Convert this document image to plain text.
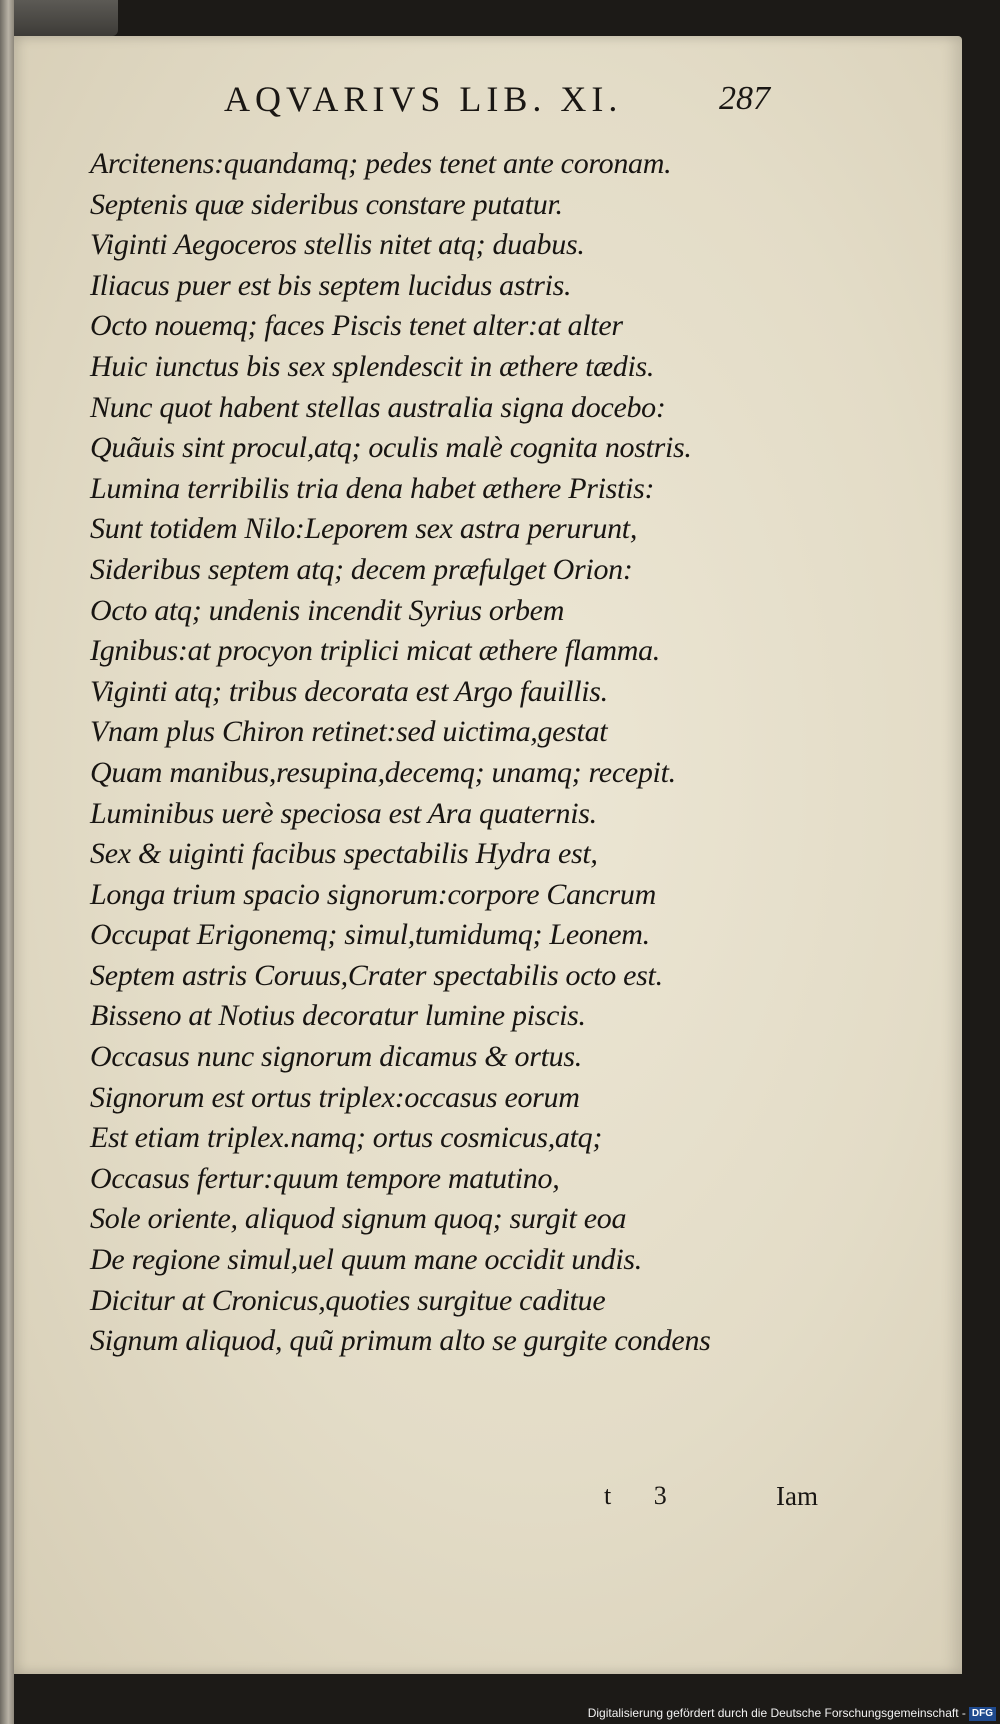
AQVARIVS LIB. XI.	287
Arcitenens:quandamq; pedes tenet ante coronam.
Septenis quæ sideribus constare putatur.
Viginti Aegoceros stellis nitet atq; duabus.
Iliacus puer est bis septem lucidus astris.
Octo nouemq; faces Piscis tenet alter:at alter
Huic iunctus bis sex splendescit in æthere tædis.
Nunc quot habent stellas australia signa docebo:
Quãuis sint procul,atq; oculis malè cognita nostris.
Lumina terribilis tria dena habet æthere Pristis:
Sunt totidem Nilo:Leporem sex astra perurunt,
Sideribus septem atq; decem præfulget Orion:
Octo atq; undenis incendit Syrius orbem
Ignibus:at procyon triplici micat æthere flamma.
Viginti atq; tribus decorata est Argo fauillis.
Vnam plus Chiron retinet:sed uictima,gestat
Quam manibus,resupina,decemq; unamq; recepit.
Luminibus uerè speciosa est Ara quaternis.
Sex & uiginti facibus spectabilis Hydra est,
Longa trium spacio signorum:corpore Cancrum
Occupat Erigonemq; simul,tumidumq; Leonem.
Septem astris Coruus,Crater spectabilis octo est.
Bisseno at Notius decoratur lumine piscis.
Occasus nunc signorum dicamus & ortus.
Signorum est ortus triplex:occasus eorum
Est etiam triplex.namq; ortus cosmicus,atq;
Occasus fertur:quum tempore matutino,
Sole oriente, aliquod signum quoq; surgit eoa
De regione simul,uel quum mane occidit undis.
Dicitur at Cronicus,quoties surgitue caditue
Signum aliquod, quũ primum alto se gurgite condens
t 3	Iam
Digitalisierung gefördert durch die Deutsche Forschungsgemeinschaft - DFG
